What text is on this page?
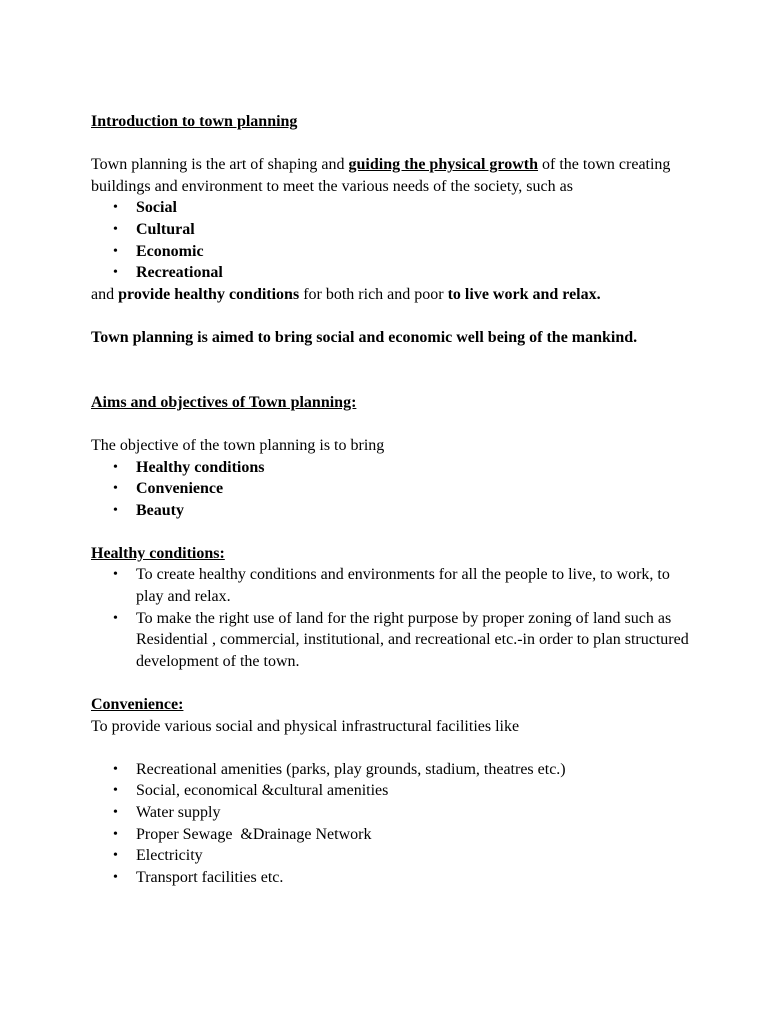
Introduction to town planning

Town planning is the art of shaping and guiding the physical growth of the town creating buildings and environment to meet the various needs of the society, such as

• Social
• Cultural
• Economic
• Recreational

and provide healthy conditions for both rich and poor to live work and relax.

Town planning is aimed to bring social and economic well being of the mankind.

Aims and objectives of Town planning:

The objective of the town planning is to bring

• Healthy conditions
• Convenience
• Beauty

Healthy conditions:

• To create healthy conditions and environments for all the people to live, to work, to play and relax.
• To make the right use of land for the right purpose by proper zoning of land such as Residential , commercial, institutional, and recreational etc.-in order to plan structured development of the town.

Convenience:

To provide various social and physical infrastructural facilities like

• Recreational amenities (parks, play grounds, stadium, theatres etc.)
• Social, economical &cultural amenities
• Water supply
• Proper Sewage  &Drainage Network
• Electricity
• Transport facilities etc.
